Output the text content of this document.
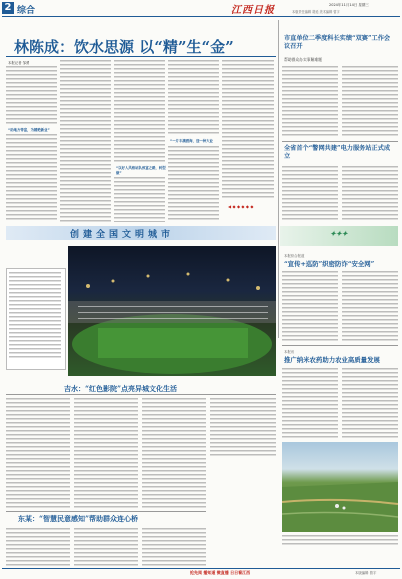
2 综合	江西日报	2024年11月14日 星期三
本版责任编辑 胡延 美术编辑 曾宇
林陈成：饮水思源 以“精”生“金”
本报记者 邹勇
“助地方带富，为精绝新业”
“以好人风格站队致富之路，转型做”
“一片丰满碧海，迎一种大业
◀ ◆ ◆ ◆ ◆ ◆
市直单位二季度科长实绩“双赛”工作会议召开
帮助群众办实事解难题
全省首个“警网共建”电力服务站正式成立
创建全国文明城市
吉水：“红色影院”点亮异城文化生活
东某：“智慧民意感知”帮助群众连心桥
✦✦✦
本报综合报道
“宣传+巡防”织密防诈“安全网”
本报讯
推广纳米农药助力农业高质量发展
抢先阅 播知道 微直播 日日看江西	本版编辑 曾宇
